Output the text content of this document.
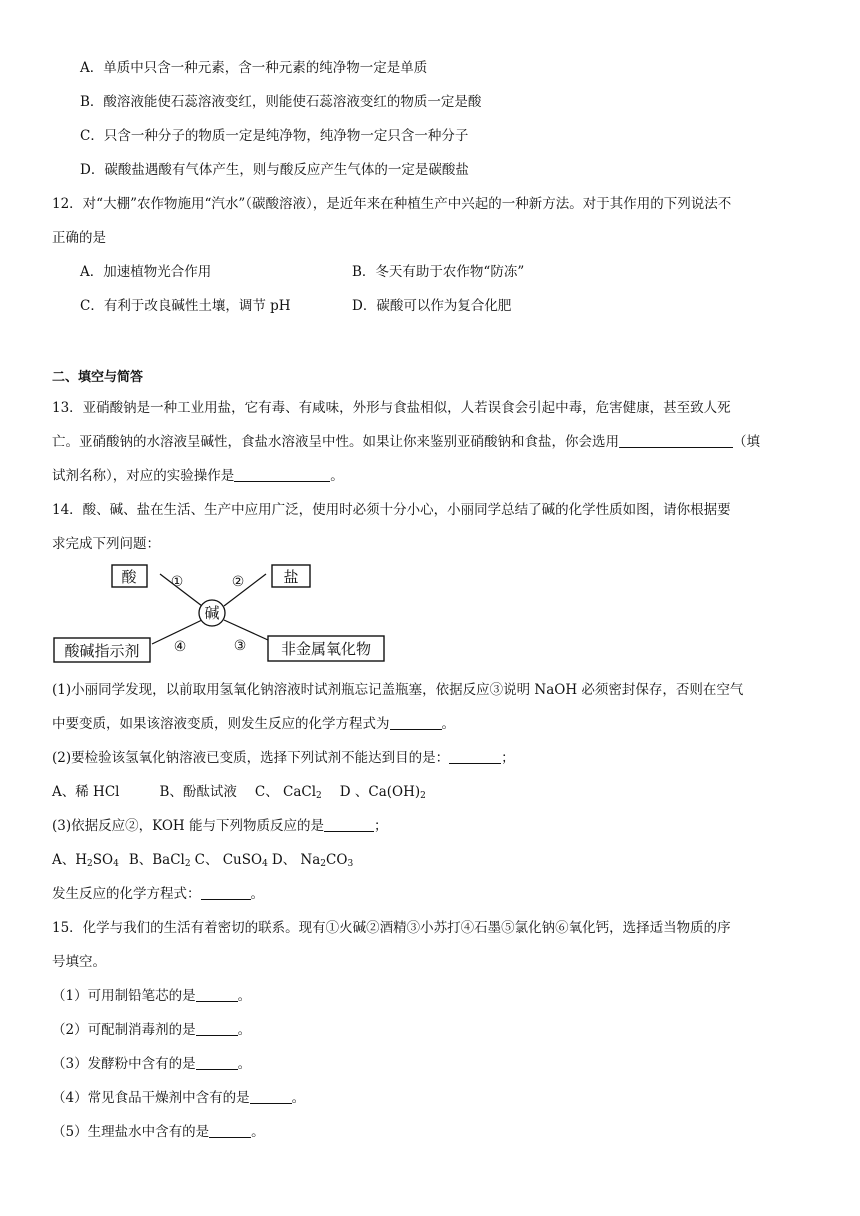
A．单质中只含一种元素，含一种元素的纯净物一定是单质
B．酸溶液能使石蕊溶液变红，则能使石蕊溶液变红的物质一定是酸
C．只含一种分子的物质一定是纯净物，纯净物一定只含一种分子
D．碳酸盐遇酸有气体产生，则与酸反应产生气体的一定是碳酸盐
12．对“大棚”农作物施用“汽水”（碳酸溶液），是近年来在种植生产中兴起的一种新方法。对于其作用的下列说法不
正确的是
A．加速植物光合作用	B．冬天有助于农作物“防冻”
C．有利于改良碱性土壤，调节 pH	D．碳酸可以作为复合化肥
二、填空与简答
13．亚硝酸钠是一种工业用盐，它有毒、有咸味，外形与食盐相似，人若误食会引起中毒，危害健康，甚至致人死
亡。亚硝酸钠的水溶液呈碱性，食盐水溶液呈中性。如果让你来鉴别亚硝酸钠和食盐，你会选用	（填
试剂名称），对应的实验操作是	。
14．酸、碱、盐在生活、生产中应用广泛，使用时必须十分小心，小丽同学总结了碱的化学性质如图，请你根据要
求完成下列问题：
酸	盐
碱
酸碱指示剂	非金属氧化物
①	②
③
④
(1)小丽同学发现，以前取用氢氧化钠溶液时试剂瓶忘记盖瓶塞，依据反应③说明 NaOH 必须密封保存，否则在空气
中要变质，如果该溶液变质，则发生反应的化学方程式为	。
(2)要检验该氢氧化钠溶液已变质，选择下列试剂不能达到目的是：	；
A、稀 HCl	B、酚酞试液 C、 CaCl$_2$ D 、$Ca(OH)_2$
(3)依据反应②，KOH 能与下列物质反应的是	；
A、$H_2SO_4$ B、BaCl$_2$ C、 CuSO$_4$ D、 $Na_2CO_3$
发生反应的化学方程式：	。
15．化学与我们的生活有着密切的联系。现有①火碱②酒精③小苏打④石墨⑤氯化钠⑥氧化钙，选择适当物质的序
号填空。
（1）可用制铅笔芯的是	。
（2）可配制消毒剂的是	。
（3）发酵粉中含有的是	。
（4）常见食品干燥剂中含有的是	。
（5）生理盐水中含有的是	。
